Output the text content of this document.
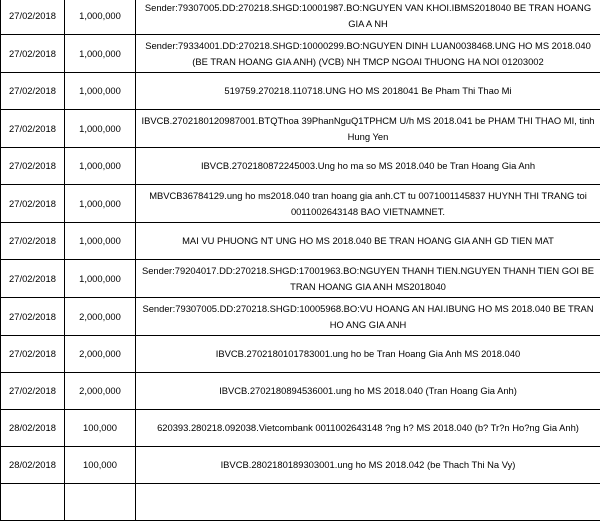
27/02/2018	1,000,000	Sender:79307005.DD:270218.SHGD:10001987.BO:NGUYEN VAN KHOI.IBMS2018040 BE TRAN HOANG GIA A NH
27/02/2018	1,000,000	Sender:79334001.DD:270218.SHGD:10000299.BO:NGUYEN DINH LUAN0038468.UNG HO MS 2018.040 (BE TRAN HOANG GIA ANH) (VCB) NH TMCP NGOAI THUONG HA NOI 01203002
27/02/2018	1,000,000	519759.270218.110718.UNG HO MS 2018041 Be Pham Thi Thao Mi
27/02/2018	1,000,000	IBVCB.2702180120987001.BTQThoa 39PhanNguQ1TPHCM U/h MS 2018.041 be PHAM THI THAO MI, tinh Hung Yen
27/02/2018	1,000,000	IBVCB.2702180872245003.Ung ho ma so MS 2018.040 be Tran Hoang Gia Anh
27/02/2018	1,000,000	MBVCB36784129.ung ho ms2018.040 tran hoang gia anh.CT tu 0071001145837 HUYNH THI TRANG toi 0011002643148 BAO VIETNAMNET.
27/02/2018	1,000,000	MAI VU PHUONG NT UNG HO MS 2018.040 BE TRAN HOANG GIA ANH GD TIEN MAT
27/02/2018	1,000,000	Sender:79204017.DD:270218.SHGD:17001963.BO:NGUYEN THANH TIEN.NGUYEN THANH TIEN GOI BE TRAN HOANG GIA ANH MS2018040
27/02/2018	2,000,000	Sender:79307005.DD:270218.SHGD:10005968.BO:VU HOANG AN HAI.IBUNG HO MS 2018.040 BE TRAN HO ANG GIA ANH
27/02/2018	2,000,000	IBVCB.2702180101783001.ung ho be Tran Hoang Gia Anh MS 2018.040
27/02/2018	2,000,000	IBVCB.2702180894536001.ung ho MS 2018.040 (Tran Hoang Gia Anh)
28/02/2018	100,000	620393.280218.092038.Vietcombank 0011002643148 ?ng h? MS 2018.040 (b? Tr?n Ho?ng Gia Anh)
28/02/2018	100,000	IBVCB.2802180189303001.ung ho MS 2018.042 (be Thach Thi Na Vy)
